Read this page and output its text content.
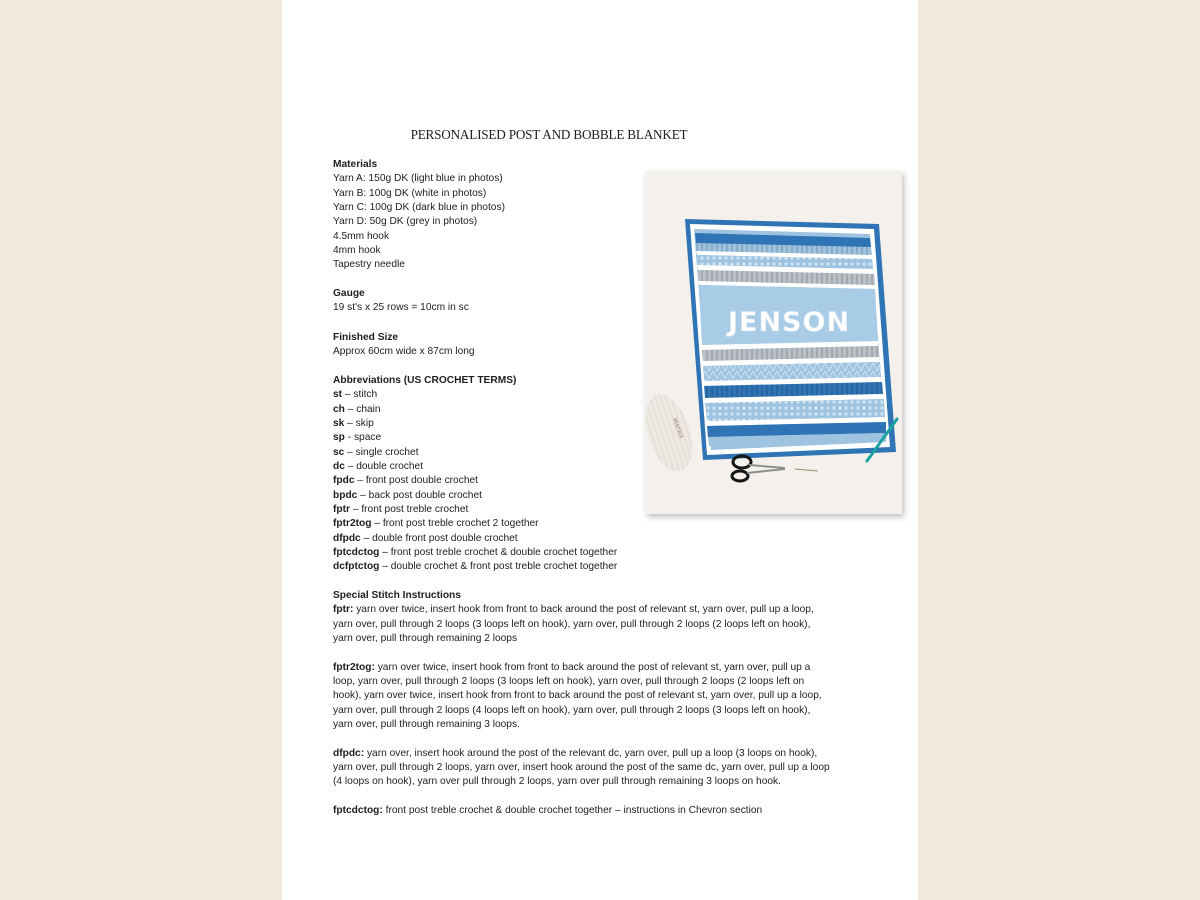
PERSONALISED POST AND BOBBLE BLANKET
Materials
Yarn A: 150g DK (light blue in photos)
Yarn B: 100g DK (white in photos)
Yarn C: 100g DK (dark blue in photos)
Yarn D: 50g DK (grey in photos)
4.5mm hook
4mm hook
Tapestry needle
Gauge
19 st's x 25 rows = 10cm in sc
Finished Size
Approx 60cm wide x 87cm long
Abbreviations (US CROCHET TERMS)
st – stitch
ch – chain
sk – skip
sp - space
sc – single crochet
dc – double crochet
fpdc – front post double crochet
bpdc – back post double crochet
fptr – front post treble crochet
fptr2tog – front post treble crochet 2 together
dfpdc – double front post double crochet
fptcdctog – front post treble crochet & double crochet together
dcfptctog – double crochet & front post treble crochet together
Special Stitch Instructions
fptr: yarn over twice, insert hook from front to back around the post of relevant st, yarn over, pull up a loop,
yarn over, pull through 2 loops (3 loops left on hook), yarn over, pull through 2 loops (2 loops left on hook),
yarn over, pull through remaining 2 loops
fptr2tog: yarn over twice, insert hook from front to back around the post of relevant st, yarn over, pull up a
loop, yarn over, pull through 2 loops (3 loops left on hook), yarn over, pull through 2 loops (2 loops left on
hook), yarn over twice, insert hook from front to back around the post of relevant st, yarn over, pull up a loop,
yarn over, pull through 2 loops (4 loops left on hook), yarn over, pull through 2 loops (3 loops left on hook),
yarn over, pull through remaining 3 loops.
dfpdc: yarn over, insert hook around the post of the relevant dc, yarn over, pull up a loop (3 loops on hook),
yarn over, pull through 2 loops, yarn over, insert hook around the post of the same dc, yarn over, pull up a loop
(4 loops on hook), yarn over pull through 2 loops, yarn over pull through remaining 3 loops on hook.
fptcdctog: front post treble crochet & double crochet together – instructions in Chevron section
JENSON
MINTRIX
